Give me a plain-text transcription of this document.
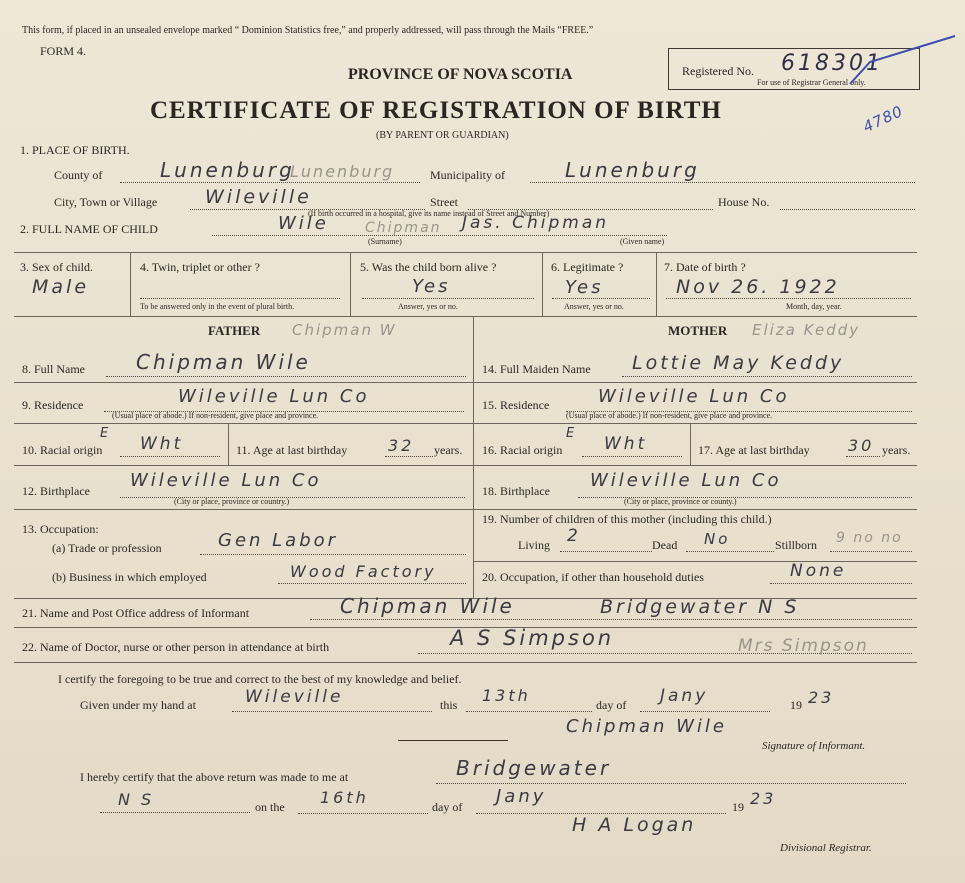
This form, if placed in an unsealed envelope marked “ Dominion Statistics free,” and properly addressed, will pass through the Mails “FREE.”
FORM 4.
PROVINCE OF NOVA SCOTIA
CERTIFICATE OF REGISTRATION OF BIRTH
(BY PARENT OR GUARDIAN)
Registered No. 618301
For use of Registrar General only.
4780
1. PLACE OF BIRTH.
County of	Lunenburg
Lunenburg	Municipality of	Lunenburg
City, Town or Village	Wileville	Street	House No.
(If birth occurred in a hospital, give its name instead of Street and Number)
2. FULL NAME OF CHILD	Wile	Chipman Jas. Chipman
(Surname)	(Given name)
3. Sex of child.
Male
4. Twin, triplet or other ?
To be answered only in the event of plural birth.
5. Was the child born alive ?
Yes
Answer, yes or no.
6. Legitimate ?
Yes
Answer, yes or no.
7. Date of birth ?
Nov 26. 1922
Month, day, year.
FATHER Chipman W	MOTHER Eliza Keddy
8. Full Name	Chipman Wile	14. Full Maiden Name Lottie May Keddy
9. Residence	Wileville Lun Co
(Usual place of abode.) If non-resident, give place and province.
15. Residence	Wileville Lun Co
(Usual place of abode.) If non-resident, give place and province.
10. Racial origin
E
Wht	11. Age at last birthday	32 years. 16. Racial origin
E
Wht	17. Age at last birthday 30 years.
12. Birthplace Wileville Lun Co
(City or place, province or country.)
18. Birthplace Wileville Lun Co
(City or place, province or county.)
13. Occupation:
(a) Trade or profession	Gen Labor
19. Number of children of this mother (including this child.)
Living 2	Dead No	Stillborn 9 no no
(b) Business in which employed	Wood Factory	20. Occupation, if other than household duties	None
21. Name and Post Office address of Informant	Chipman Wile	Bridgewater N S
22. Name of Doctor, nurse or other person in attendance at birth	A S Simpson	Mrs Simpson
I certify the foregoing to be true and correct to the best of my knowledge and belief.
Given under my hand at	Wileville	this 13th	day of Jany	19 23
Chipman Wile
Signature of Informant.
I hereby certify that the above return was made to me at	Bridgewater
N S	on the 16th	day of Jany	19 23
H A Logan
Divisional Registrar.
